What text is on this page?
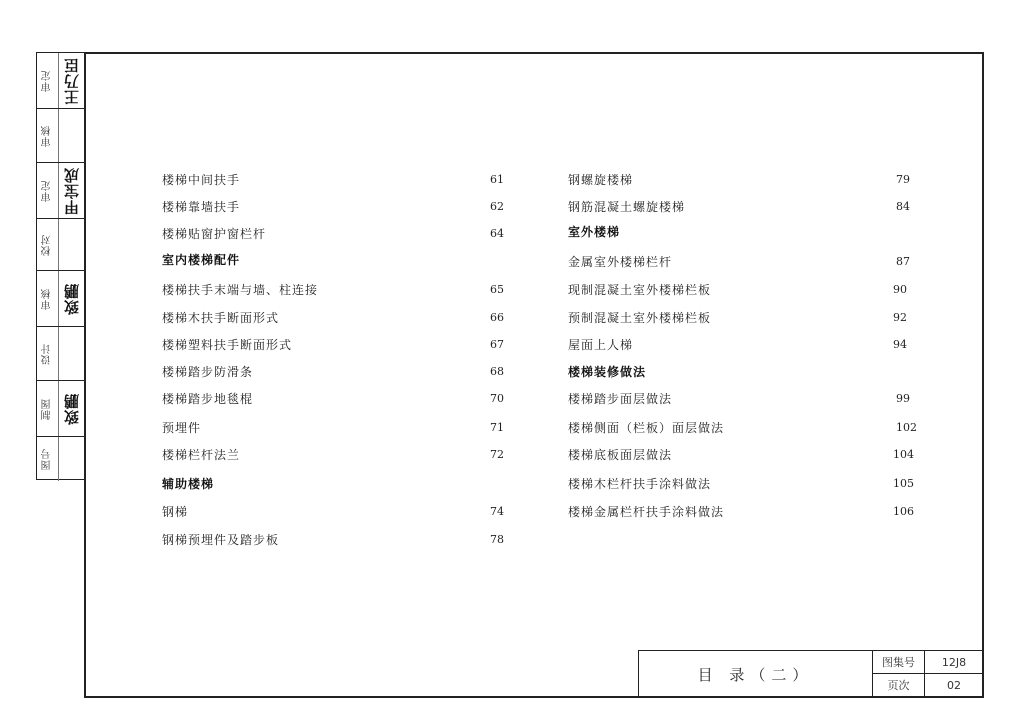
审定 王乃臣
审核
审定 甲宝成
校对
审核 致鹏
设计
制图 致鹏
图号
楼梯中间扶手	61
楼梯靠墙扶手	62
楼梯贴窗护窗栏杆	64
室内楼梯配件
楼梯扶手末端与墙、柱连接	65
楼梯木扶手断面形式	66
楼梯塑料扶手断面形式	67
楼梯踏步防滑条	68
楼梯踏步地毯棍	70
预埋件	71
楼梯栏杆法兰	72
辅助楼梯
钢梯	74
钢梯预埋件及踏步板	78
钢螺旋楼梯	79
钢筋混凝土螺旋楼梯	84
室外楼梯
金属室外楼梯栏杆	87
现制混凝土室外楼梯栏板	90
预制混凝土室外楼梯栏板	92
屋面上人梯	94
楼梯装修做法
楼梯踏步面层做法	99
楼梯侧面（栏板）面层做法	102
楼梯底板面层做法	104
楼梯木栏杆扶手涂料做法	105
楼梯金属栏杆扶手涂料做法	106
目 录（二）
图集号	12J8
页次	02
